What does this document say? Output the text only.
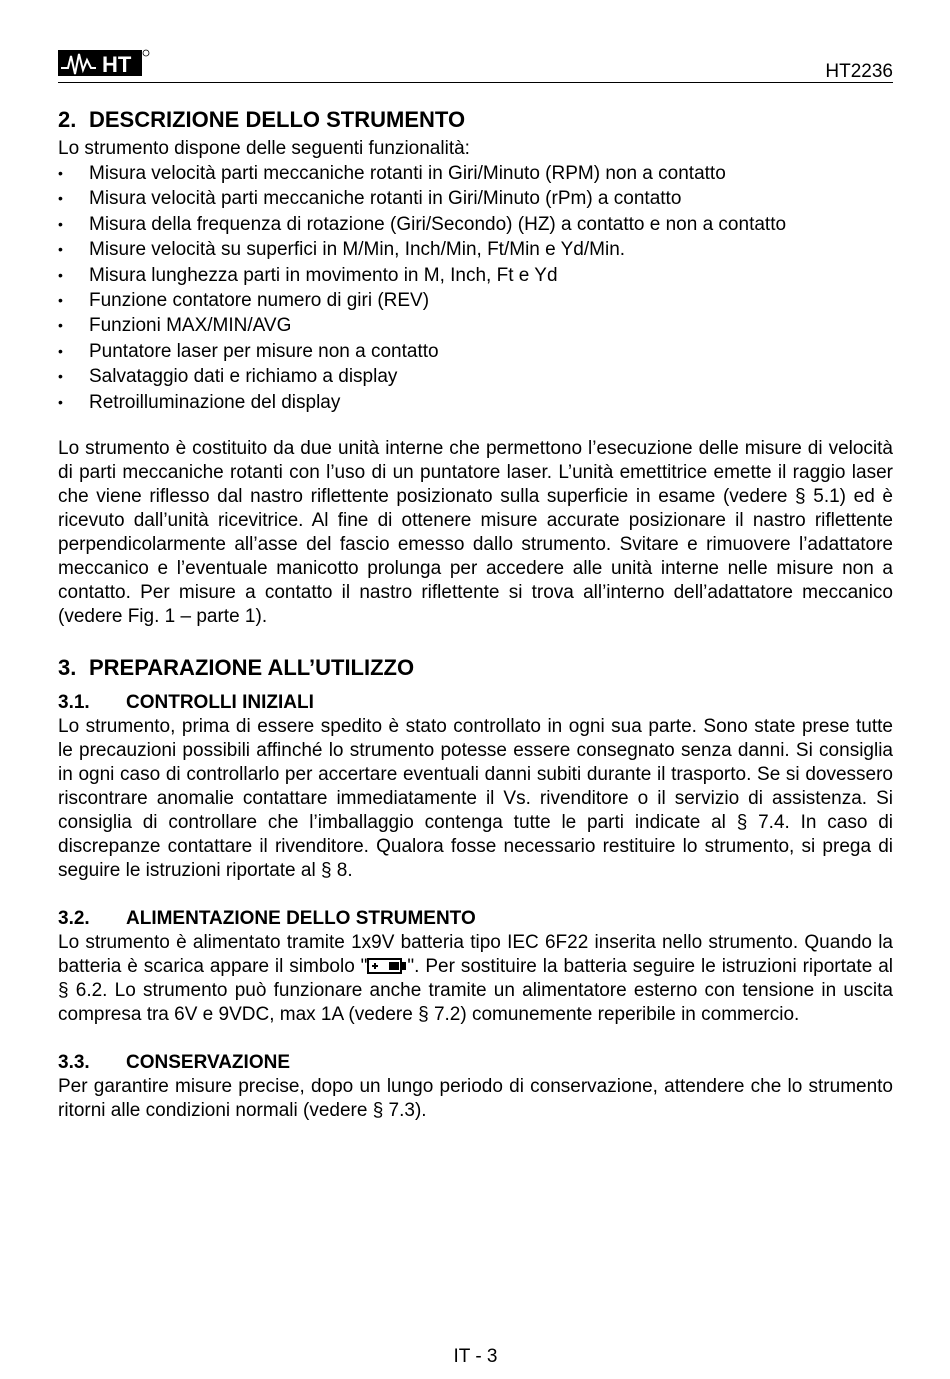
HT	HT2236
2. DESCRIZIONE DELLO STRUMENTO

Lo strumento dispone delle seguenti funzionalità:

•	Misura velocità parti meccaniche rotanti in Giri/Minuto (RPM) non a contatto
•	Misura velocità parti meccaniche rotanti in Giri/Minuto (rPm) a contatto
•	Misura della frequenza di rotazione (Giri/Secondo) (HZ) a contatto e non a contatto
•	Misure velocità su superfici in M/Min, Inch/Min, Ft/Min e Yd/Min.
•	Misura lunghezza parti in movimento in M, Inch, Ft e Yd
•	Funzione contatore numero di giri (REV)
•	Funzioni MAX/MIN/AVG
•	Puntatore laser per misure non a contatto
•	Salvataggio dati e richiamo a display
•	Retroilluminazione del display

Lo strumento è costituito da due unità interne che permettono l’esecuzione delle misure di velocità di parti meccaniche rotanti con l’uso di un puntatore laser. L’unità emettitrice emette il raggio laser che viene riflesso dal nastro riflettente posizionato sulla superficie in esame (vedere § 5.1) ed è ricevuto dall’unità ricevitrice. Al fine di ottenere misure accurate posizionare il nastro riflettente perpendicolarmente all’asse del fascio emesso dallo strumento. Svitare e rimuovere l’adattatore meccanico e l’eventuale manicotto prolunga per accedere alle unità interne nelle misure non a contatto. Per misure a contatto il nastro riflettente si trova all’interno dell’adattatore meccanico (vedere Fig. 1 – parte 1).

3. PREPARAZIONE ALL’UTILIZZO
3.1.	CONTROLLI INIZIALI

Lo strumento, prima di essere spedito è stato controllato in ogni sua parte. Sono state prese tutte le precauzioni possibili affinché lo strumento potesse essere consegnato senza danni. Si consiglia in ogni caso di controllarlo per accertare eventuali danni subiti durante il trasporto. Se si dovessero riscontrare anomalie contattare immediatamente il Vs. rivenditore o il servizio di assistenza. Si consiglia di controllare che l’imballaggio contenga tutte le parti indicate al § 7.4. In caso di discrepanze contattare il rivenditore. Qualora fosse necessario restituire lo strumento, si prega di seguire le istruzioni riportate al § 8.

3.2.	ALIMENTAZIONE DELLO STRUMENTO

Lo strumento è alimentato tramite 1x9V batteria tipo IEC 6F22 inserita nello strumento. Quando la batteria è scarica appare il simbolo " ". Per sostituire la batteria seguire le istruzioni riportate al § 6.2. Lo strumento può funzionare anche tramite un alimentatore esterno con tensione in uscita compresa tra 6V e 9VDC, max 1A (vedere § 7.2) comunemente reperibile in commercio.

3.3.	CONSERVAZIONE

Per garantire misure precise, dopo un lungo periodo di conservazione, attendere che lo strumento ritorni alle condizioni normali (vedere § 7.3).

IT - 3
